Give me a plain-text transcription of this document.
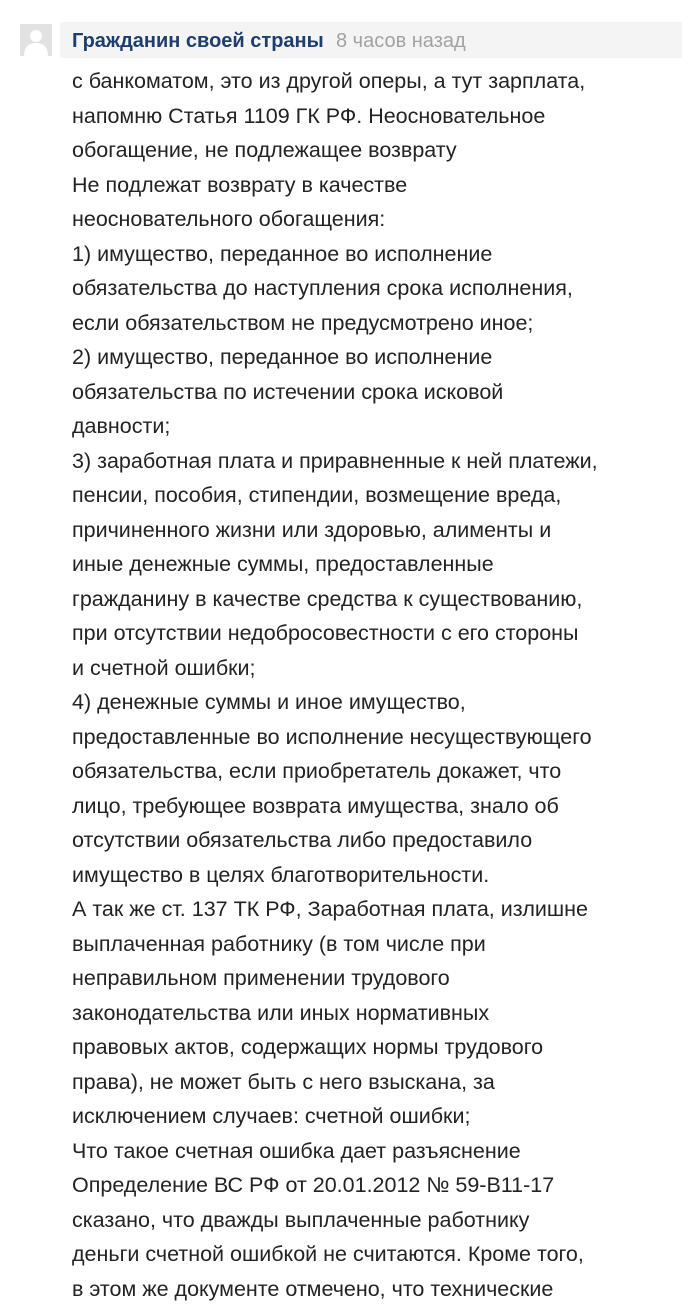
Гражданин своей страны 8 часов назад
с банкоматом, это из другой оперы, а тут зарплата,
напомню Статья 1109 ГК РФ. Неосновательное
обогащение, не подлежащее возврату
Не подлежат возврату в качестве
неосновательного обогащения:
1) имущество, переданное во исполнение
обязательства до наступления срока исполнения,
если обязательством не предусмотрено иное;
2) имущество, переданное во исполнение
обязательства по истечении срока исковой
давности;
3) заработная плата и приравненные к ней платежи,
пенсии, пособия, стипендии, возмещение вреда,
причиненного жизни или здоровью, алименты и
иные денежные суммы, предоставленные
гражданину в качестве средства к существованию,
при отсутствии недобросовестности с его стороны
и счетной ошибки;
4) денежные суммы и иное имущество,
предоставленные во исполнение несуществующего
обязательства, если приобретатель докажет, что
лицо, требующее возврата имущества, знало об
отсутствии обязательства либо предоставило
имущество в целях благотворительности.
А так же ст. 137 ТК РФ, Заработная плата, излишне
выплаченная работнику (в том числе при
неправильном применении трудового
законодательства или иных нормативных
правовых актов, содержащих нормы трудового
права), не может быть с него взыскана, за
исключением случаев: счетной ошибки;
Что такое счетная ошибка дает разъяснение
Определение ВС РФ от 20.01.2012 № 59-В11-17
сказано, что дважды выплаченные работнику
деньги счетной ошибкой не считаются. Кроме того,
в этом же документе отмечено, что технические
